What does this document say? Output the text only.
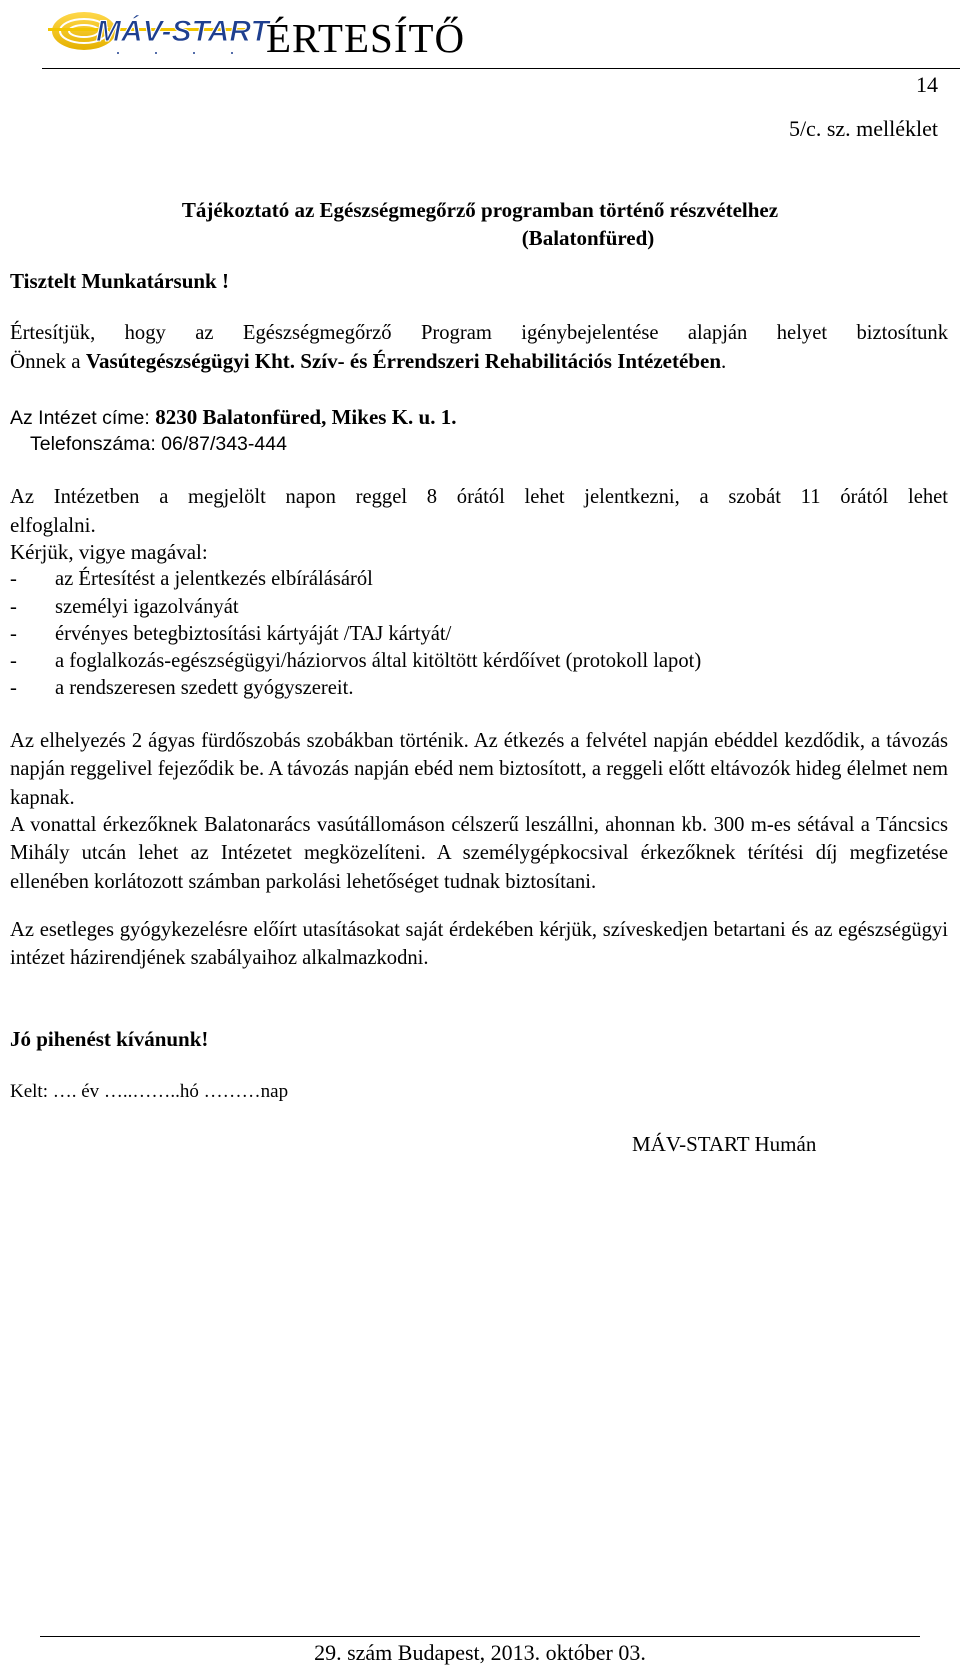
MÁV-START
ÉRTESÍTŐ
14
5/c. sz. melléklet
Tájékoztató az Egészségmegőrző programban történő részvételhez
(Balatonfüred)
Tisztelt Munkatársunk !
Értesítjük, hogy az Egészségmegőrző Program igénybejelentése alapján helyet biztosítunk
Önnek a Vasútegészségügyi Kht. Szív- és Érrendszeri Rehabilitációs Intézetében.
Az Intézet címe: 8230 Balatonfüred, Mikes K. u. 1.
Telefonszáma: 06/87/343-444
Az Intézetben a megjelölt napon reggel 8 órától lehet jelentkezni, a szobát 11 órától lehet
elfoglalni.
Kérjük, vigye magával:
- az Értesítést a jelentkezés elbírálásáról
- személyi igazolványát
- érvényes betegbiztosítási kártyáját /TAJ kártyát/
- a foglalkozás-egészségügyi/háziorvos által kitöltött kérdőívet (protokoll lapot)
- a rendszeresen szedett gyógyszereit.
Az elhelyezés 2 ágyas fürdőszobás szobákban történik. Az étkezés a felvétel napján ebéddel kezdődik, a távozás napján reggelivel fejeződik be. A távozás napján ebéd nem biztosított, a reggeli előtt eltávozók hideg élelmet nem kapnak.
A vonattal érkezőknek Balatonarács vasútállomáson célszerű leszállni, ahonnan kb. 300 m-es sétával a Táncsics Mihály utcán lehet az Intézetet megközelíteni. A személygépkocsival érkezőknek térítési díj megfizetése ellenében korlátozott számban parkolási lehetőséget tudnak biztosítani.
Az esetleges gyógykezelésre előírt utasításokat saját érdekében kérjük, szíveskedjen betartani és az egészségügyi intézet házirendjének szabályaihoz alkalmazkodni.
Jó pihenést kívánunk!
Kelt: …. év …..……..hó ………nap
MÁV-START Humán
29. szám Budapest, 2013. október 03.
